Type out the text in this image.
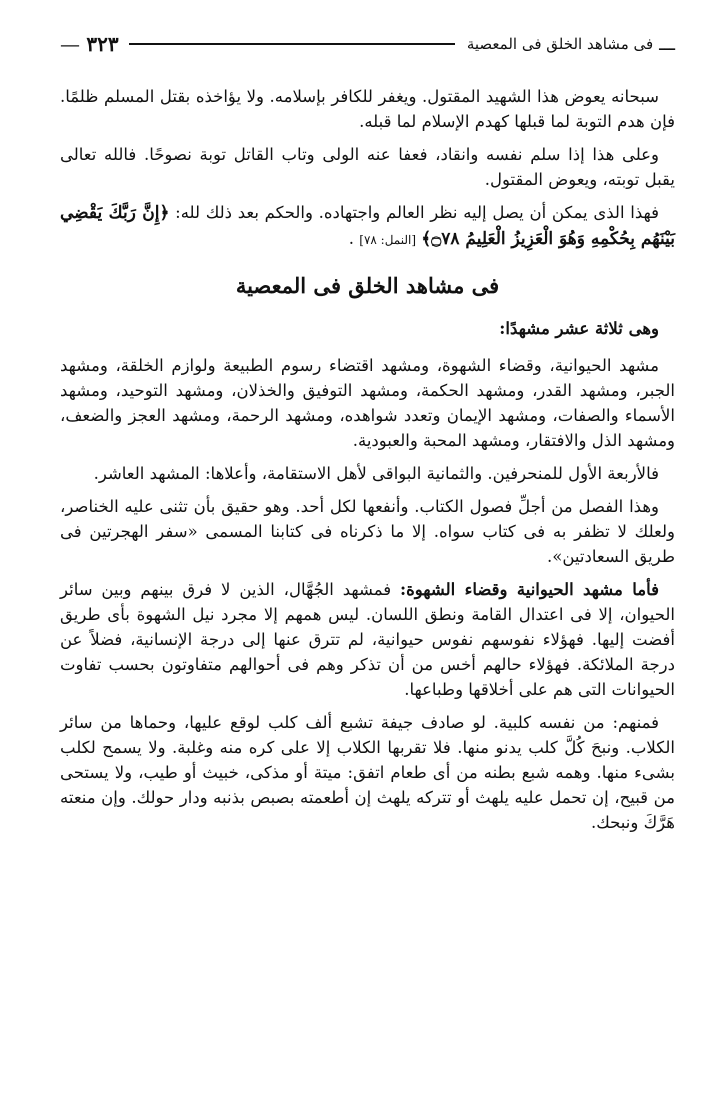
ـــ
فى مشاهد الخلق فى المعصية
٣٢٣ —

سبحانه يعوض هذا الشهيد المقتول. ويغفر للكافر بإسلامه. ولا يؤاخذه بقتل المسلم ظلمًا. فإن هدم التوبة لما قبلها كهدم الإسلام لما قبله.

وعلى هذا إذا سلم نفسه وانقاد، فعفا عنه الولى وتاب القاتل توبة نصوحًا. فالله تعالى يقبل توبته، ويعوض المقتول.

فهذا الذى يمكن أن يصل إليه نظر العالم واجتهاده. والحكم بعد ذلك لله: ﴿إِنَّ رَبَّكَ يَقْضِي بَيْنَهُم بِحُكْمِهِ وَهُوَ الْعَزِيزُ الْعَلِيمُ ۝٧٨﴾ [النمل: ٧٨] .

فى مشاهد الخلق فى المعصية

وهى ثلاثة عشر مشهدًا:

مشهد الحيوانية، وقضاء الشهوة، ومشهد اقتضاء رسوم الطبيعة ولوازم الخلقة، ومشهد الجبر، ومشهد القدر، ومشهد الحكمة، ومشهد التوفيق والخذلان، ومشهد التوحيد، ومشهد الأسماء والصفات، ومشهد الإيمان وتعدد شواهده، ومشهد الرحمة، ومشهد العجز والضعف، ومشهد الذل والافتقار، ومشهد المحبة والعبودية.

فالأربعة الأول للمنحرفين. والثمانية البواقى لأهل الاستقامة، وأعلاها: المشهد العاشر.

وهذا الفصل من أجلِّ فصول الكتاب. وأنفعها لكل أحد. وهو حقيق بأن تثنى عليه الخناصر، ولعلك لا تظفر به فى كتاب سواه. إلا ما ذكرناه فى كتابنا المسمى «سفر الهجرتين فى طريق السعادتين».

فأما مشهد الحيوانية وقضاء الشهوة: فمشهد الجُهَّال، الذين لا فرق بينهم وبين سائر الحيوان، إلا فى اعتدال القامة ونطق اللسان. ليس همهم إلا مجرد نيل الشهوة بأى طريق أفضت إليها. فهؤلاء نفوسهم نفوس حيوانية، لم تترق عنها إلى درجة الإنسانية، فضلاً عن درجة الملائكة. فهؤلاء حالهم أخس من أن تذكر وهم فى أحوالهم متفاوتون بحسب تفاوت الحيوانات التى هم على أخلاقها وطباعها.

فمنهم: من نفسه كلبية. لو صادف جيفة تشبع ألف كلب لوقع عليها، وحماها من سائر الكلاب. ونبحَ كُلَّ كلب يدنو منها. فلا تقربها الكلاب إلا على كره منه وغلبة. ولا يسمح لكلب بشىء منها. وهمه شبع بطنه من أى طعام اتفق: ميتة أو مذكى، خبيث أو طيب، ولا يستحى من قبيح، إن تحمل عليه يلهث أو تتركه يلهث إن أطعمته بصبص بذنبه ودار حولك. وإن منعته هَرَّكَ ونبحك.
